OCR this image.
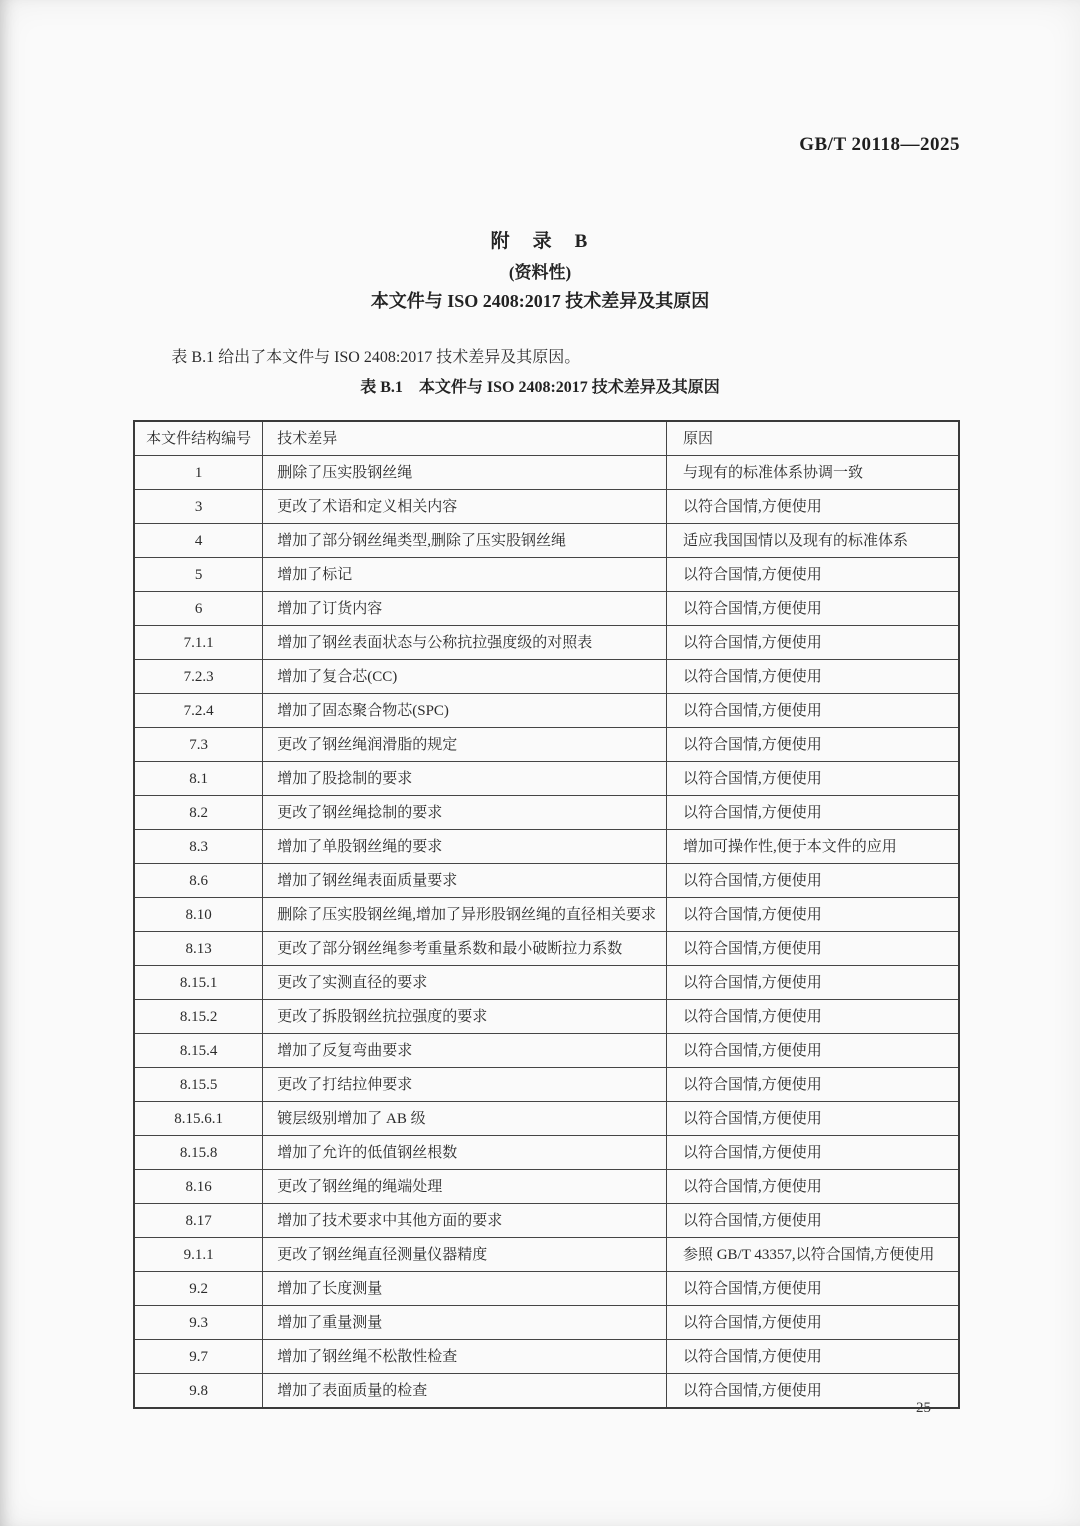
GB/T 20118—2025
附　录　B
(资料性)
本文件与 ISO 2408:2017 技术差异及其原因

表 B.1 给出了本文件与 ISO 2408:2017 技术差异及其原因。

表 B.1　本文件与 ISO 2408:2017 技术差异及其原因
本文件结构编号	技术差异	原因
1	删除了压实股钢丝绳	与现有的标准体系协调一致
3	更改了术语和定义相关内容	以符合国情,方便使用
4	增加了部分钢丝绳类型,删除了压实股钢丝绳	适应我国国情以及现有的标准体系
5	增加了标记	以符合国情,方便使用
6	增加了订货内容	以符合国情,方便使用
7.1.1	增加了钢丝表面状态与公称抗拉强度级的对照表	以符合国情,方便使用
7.2.3	增加了复合芯(CC)	以符合国情,方便使用
7.2.4	增加了固态聚合物芯(SPC)	以符合国情,方便使用
7.3	更改了钢丝绳润滑脂的规定	以符合国情,方便使用
8.1	增加了股捻制的要求	以符合国情,方便使用
8.2	更改了钢丝绳捻制的要求	以符合国情,方便使用
8.3	增加了单股钢丝绳的要求	增加可操作性,便于本文件的应用
8.6	增加了钢丝绳表面质量要求	以符合国情,方便使用
8.10	删除了压实股钢丝绳,增加了异形股钢丝绳的直径相关要求	以符合国情,方便使用
8.13	更改了部分钢丝绳参考重量系数和最小破断拉力系数	以符合国情,方便使用
8.15.1	更改了实测直径的要求	以符合国情,方便使用
8.15.2	更改了拆股钢丝抗拉强度的要求	以符合国情,方便使用
8.15.4	增加了反复弯曲要求	以符合国情,方便使用
8.15.5	更改了打结拉伸要求	以符合国情,方便使用
8.15.6.1	镀层级别增加了 AB 级	以符合国情,方便使用
8.15.8	增加了允许的低值钢丝根数	以符合国情,方便使用
8.16	更改了钢丝绳的绳端处理	以符合国情,方便使用
8.17	增加了技术要求中其他方面的要求	以符合国情,方便使用
9.1.1	更改了钢丝绳直径测量仪器精度	参照 GB/T 43357,以符合国情,方便使用
9.2	增加了长度测量	以符合国情,方便使用
9.3	增加了重量测量	以符合国情,方便使用
9.7	增加了钢丝绳不松散性检查	以符合国情,方便使用
9.8	增加了表面质量的检查	以符合国情,方便使用
25
